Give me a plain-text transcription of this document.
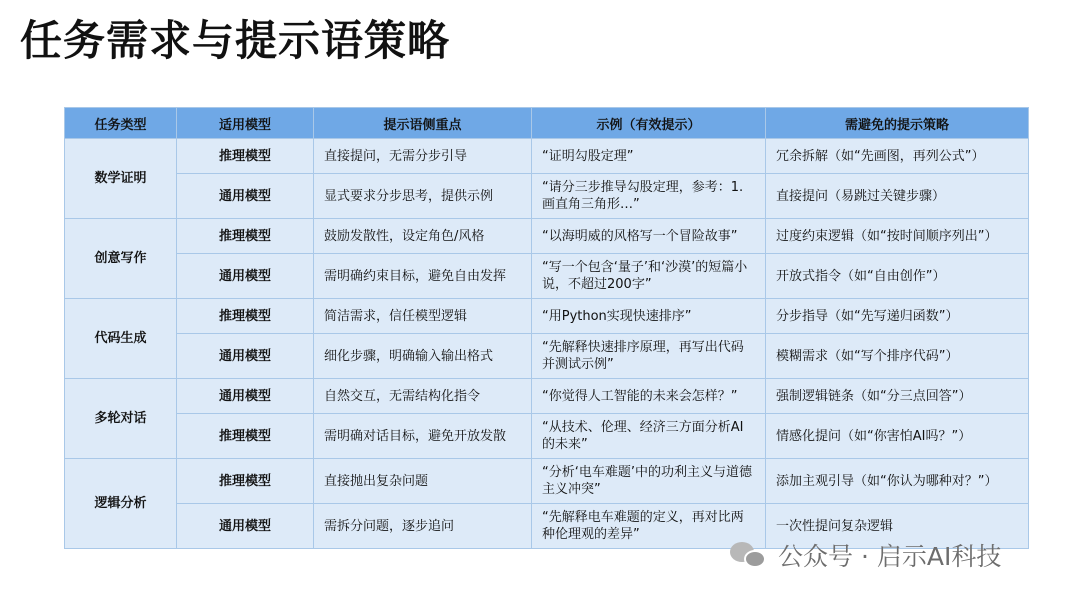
任务需求与提示语策略
任务类型	适用模型	提示语侧重点	示例（有效提示）	需避免的提示策略
数学证明	推理模型	直接提问，无需分步引导	“证明勾股定理”	冗余拆解（如“先画图，再列公式”）
	通用模型	显式要求分步思考，提供示例	“请分三步推导勾股定理，参考：1. 画直角三角形…”	直接提问（易跳过关键步骤）
创意写作	推理模型	鼓励发散性，设定角色/风格	“以海明威的风格写一个冒险故事”	过度约束逻辑（如“按时间顺序列出”）
	通用模型	需明确约束目标，避免自由发挥	“写一个包含‘量子’和‘沙漠’的短篇小说，不超过200字”	开放式指令（如“自由创作”）
代码生成	推理模型	简洁需求，信任模型逻辑	“用Python实现快速排序”	分步指导（如“先写递归函数”）
	通用模型	细化步骤，明确输入输出格式	“先解释快速排序原理，再写出代码并测试示例”	模糊需求（如“写个排序代码”）
多轮对话	通用模型	自然交互，无需结构化指令	“你觉得人工智能的未来会怎样？”	强制逻辑链条（如“分三点回答”）
	推理模型	需明确对话目标，避免开放发散	“从技术、伦理、经济三方面分析AI的未来”	情感化提问（如“你害怕AI吗？”）
逻辑分析	推理模型	直接抛出复杂问题	“分析‘电车难题’中的功利主义与道德主义冲突”	添加主观引导（如“你认为哪种对？”）
	通用模型	需拆分问题，逐步追问	“先解释电车难题的定义，再对比两种伦理观的差异”	一次性提问复杂逻辑
公众号 · 启示AI科技
